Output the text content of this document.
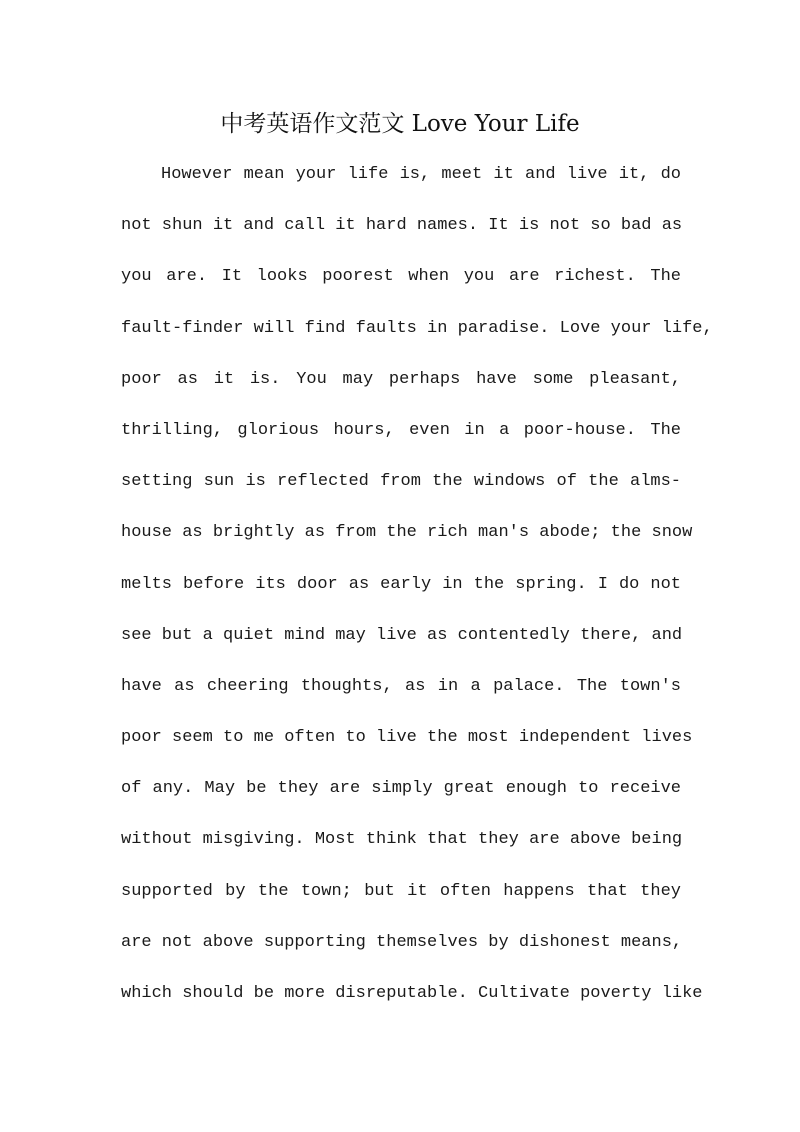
中考英语作文范文 Love Your Life
However mean your life is, meet it and live it, do
not shun it and call it hard names. It is not so bad as
you are. It looks poorest when you are richest. The
fault-finder will find faults in paradise. Love your life,
poor as it is. You may perhaps have some pleasant,
thrilling, glorious hours, even in a poor-house. The
setting sun is reflected from the windows of the alms-
house as brightly as from the rich man's abode; the snow
melts before its door as early in the spring. I do not
see but a quiet mind may live as contentedly there, and
have as cheering thoughts, as in a palace. The town's
poor seem to me often to live the most independent lives
of any. May be they are simply great enough to receive
without misgiving. Most think that they are above being
supported by the town; but it often happens that they
are not above supporting themselves by dishonest means,
which should be more disreputable. Cultivate poverty like
